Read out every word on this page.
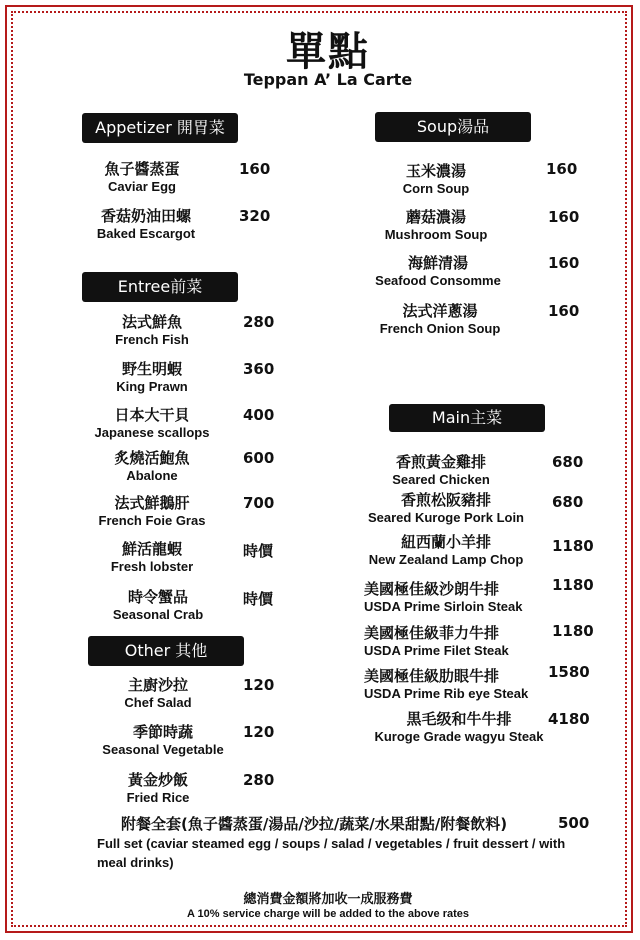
單點
Teppan A’ La Carte
Appetizer 開胃菜
魚子醬蒸蛋
Caviar Egg
160
香菇奶油田螺
Baked Escargot
320
Entree前菜
法式鮮魚
French Fish
280
野生明蝦
King Prawn
360
日本大干貝
Japanese scallops
400
炙燒活鮑魚
Abalone
600
法式鮮鵝肝
French Foie Gras
700
鮮活龍蝦
Fresh lobster
時價
時令蟹品
Seasonal Crab
時價
Other 其他
主廚沙拉
Chef Salad
120
季節時蔬
Seasonal Vegetable
120
黃金炒飯
Fried Rice
280
Soup湯品
玉米濃湯
Corn Soup
160
蘑菇濃湯
Mushroom Soup
160
海鮮清湯
Seafood Consomme
160
法式洋蔥湯
French Onion Soup
160
Main主菜
香煎黃金雞排
Seared Chicken
680
香煎松阪豬排
Seared Kuroge Pork Loin
680
紐西蘭小羊排
New Zealand Lamp Chop
1180
美國極佳級沙朗牛排
USDA Prime Sirloin Steak
1180
美國極佳級菲力牛排
USDA Prime Filet Steak
1180
美國極佳級肋眼牛排
USDA Prime Rib eye Steak
1580
黒毛级和牛牛排
Kuroge Grade wagyu Steak
4180
附餐全套(魚子醬蒸蛋/湯品/沙拉/蔬菜/水果甜點/附餐飲料)
Full set (caviar steamed egg / soups / salad / vegetables / fruit dessert / with meal drinks)
500
總消費金額將加收一成服務費
A 10% service charge will be added to the above rates
